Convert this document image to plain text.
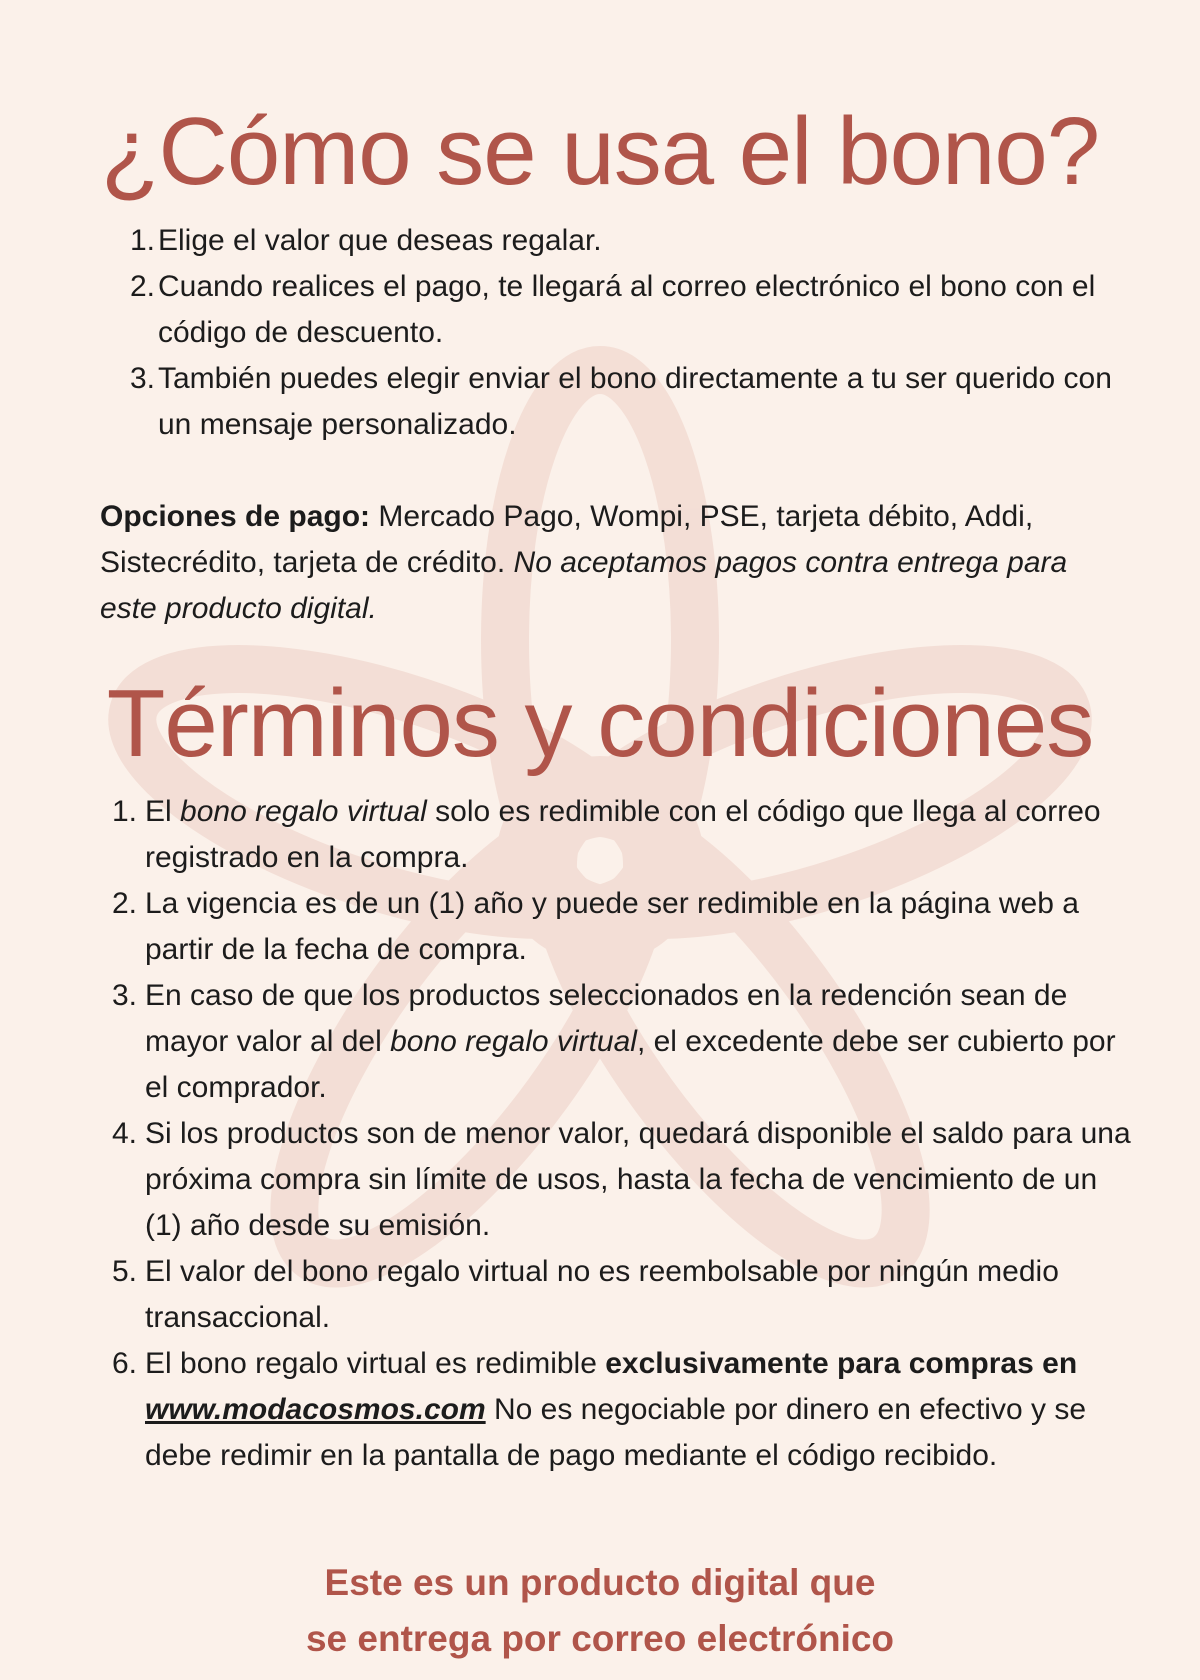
¿Cómo se usa el bono?
1. Elige el valor que deseas regalar.
2. Cuando realices el pago, te llegará al correo electrónico el bono con el código de descuento.
3. También puedes elegir enviar el bono directamente a tu ser querido con un mensaje personalizado.

Opciones de pago: Mercado Pago, Wompi, PSE, tarjeta débito, Addi, Sistecrédito, tarjeta de crédito. No aceptamos pagos contra entrega para este producto digital.

Términos y condiciones
1. El bono regalo virtual solo es redimible con el código que llega al correo registrado en la compra.
2. La vigencia es de un (1) año y puede ser redimible en la página web a partir de la fecha de compra.
3. En caso de que los productos seleccionados en la redención sean de mayor valor al del bono regalo virtual, el excedente debe ser cubierto por el comprador.
4. Si los productos son de menor valor, quedará disponible el saldo para una próxima compra sin límite de usos, hasta la fecha de vencimiento de un (1) año desde su emisión.
5. El valor del bono regalo virtual no es reembolsable por ningún medio transaccional.
6. El bono regalo virtual es redimible exclusivamente para compras en www.modacosmos.com No es negociable por dinero en efectivo y se debe redimir en la pantalla de pago mediante el código recibido.
Este es un producto digital que
se entrega por correo electrónico
